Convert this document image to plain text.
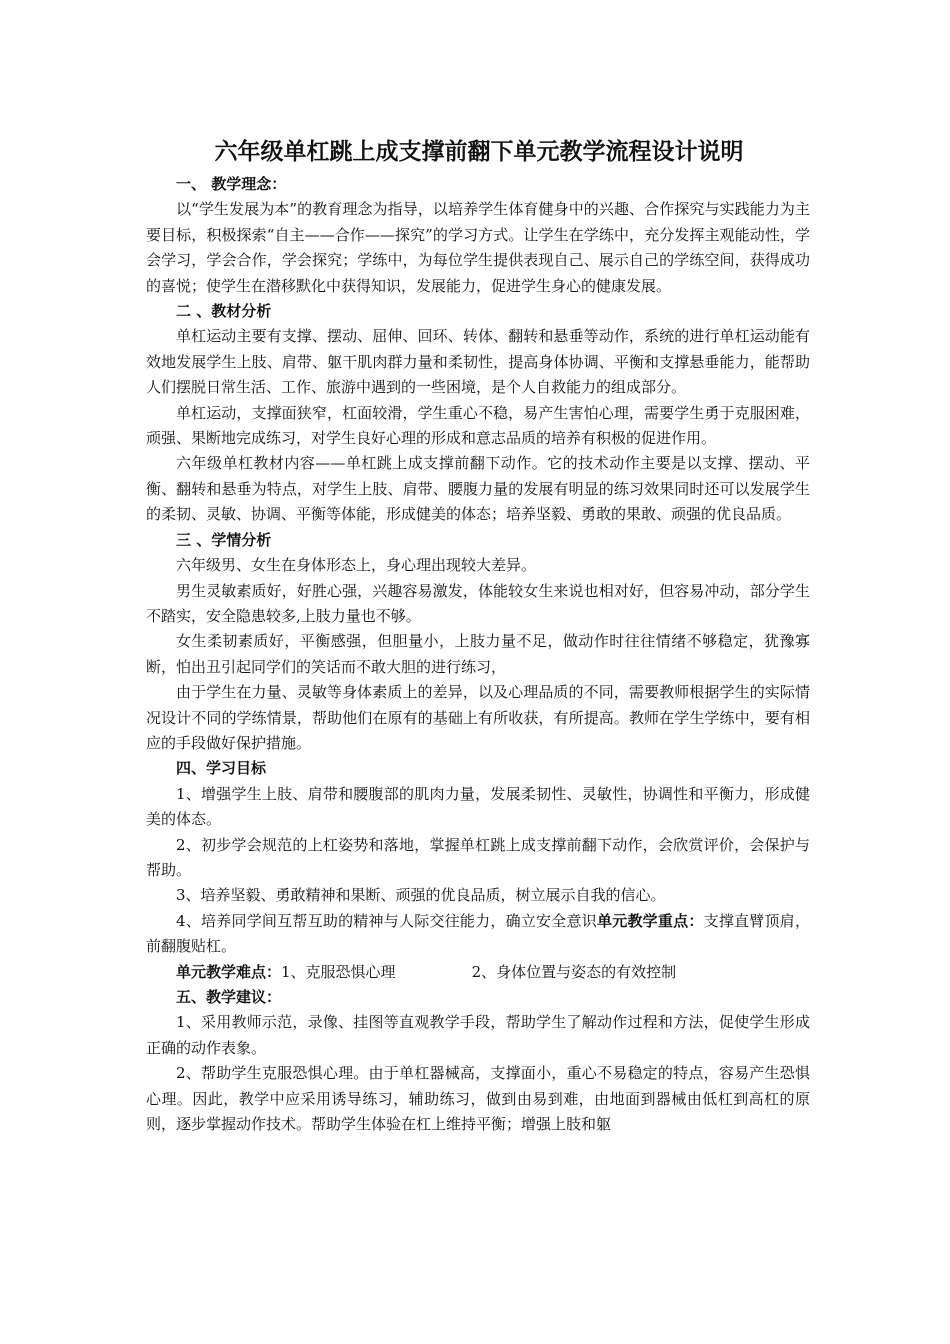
六年级单杠跳上成支撑前翻下单元教学流程设计说明

一、 教学理念：

以“学生发展为本”的教育理念为指导，以培养学生体育健身中的兴趣、合作探究与实践能力为主要目标，积极探索“自主——合作——探究”的学习方式。让学生在学练中，充分发挥主观能动性，学会学习，学会合作，学会探究；学练中，为每位学生提供表现自己、展示自己的学练空间，获得成功的喜悦；使学生在潜移默化中获得知识，发展能力，促进学生身心的健康发展。

二 、教材分析

单杠运动主要有支撑、摆动、屈伸、回环、转体、翻转和悬垂等动作，系统的进行单杠运动能有效地发展学生上肢、肩带、躯干肌肉群力量和柔韧性，提高身体协调、平衡和支撑悬垂能力，能帮助人们摆脱日常生活、工作、旅游中遇到的一些困境，是个人自救能力的组成部分。

单杠运动，支撑面狭窄，杠面较滑，学生重心不稳，易产生害怕心理，需要学生勇于克服困难，顽强、果断地完成练习，对学生良好心理的形成和意志品质的培养有积极的促进作用。

六年级单杠教材内容——单杠跳上成支撑前翻下动作。它的技术动作主要是以支撑、摆动、平衡、翻转和悬垂为特点，对学生上肢、肩带、腰腹力量的发展有明显的练习效果同时还可以发展学生的柔韧、灵敏、协调、平衡等体能，形成健美的体态；培养坚毅、勇敢的果敢、顽强的优良品质。

三 、学情分析

六年级男、女生在身体形态上，身心理出现较大差异。

男生灵敏素质好，好胜心强，兴趣容易激发，体能较女生来说也相对好，但容易冲动，部分学生不踏实，安全隐患较多,上肢力量也不够。

女生柔韧素质好，平衡感强，但胆量小，上肢力量不足，做动作时往往情绪不够稳定，犹豫寡断，怕出丑引起同学们的笑话而不敢大胆的进行练习，

由于学生在力量、灵敏等身体素质上的差异，以及心理品质的不同，需要教师根据学生的实际情况设计不同的学练情景，帮助他们在原有的基础上有所收获，有所提高。教师在学生学练中，要有相应的手段做好保护措施。

四、学习目标

1、增强学生上肢、肩带和腰腹部的肌肉力量，发展柔韧性、灵敏性，协调性和平衡力，形成健美的体态。

2、初步学会规范的上杠姿势和落地，掌握单杠跳上成支撑前翻下动作，会欣赏评价，会保护与帮助。

3、培养坚毅、勇敢精神和果断、顽强的优良品质，树立展示自我的信心。

4、培养同学间互帮互助的精神与人际交往能力，确立安全意识单元教学重点：支撑直臂顶肩，前翻腹贴杠。

单元教学难点：1、克服恐惧心理	2、身体位置与姿态的有效控制

五、教学建议：

1、采用教师示范，录像、挂图等直观教学手段，帮助学生了解动作过程和方法，促使学生形成正确的动作表象。

2、帮助学生克服恐惧心理。由于单杠器械高，支撑面小，重心不易稳定的特点，容易产生恐惧心理。因此，教学中应采用诱导练习，辅助练习，做到由易到难，由地面到器械由低杠到高杠的原则，逐步掌握动作技术。帮助学生体验在杠上维持平衡；增强上肢和躯
